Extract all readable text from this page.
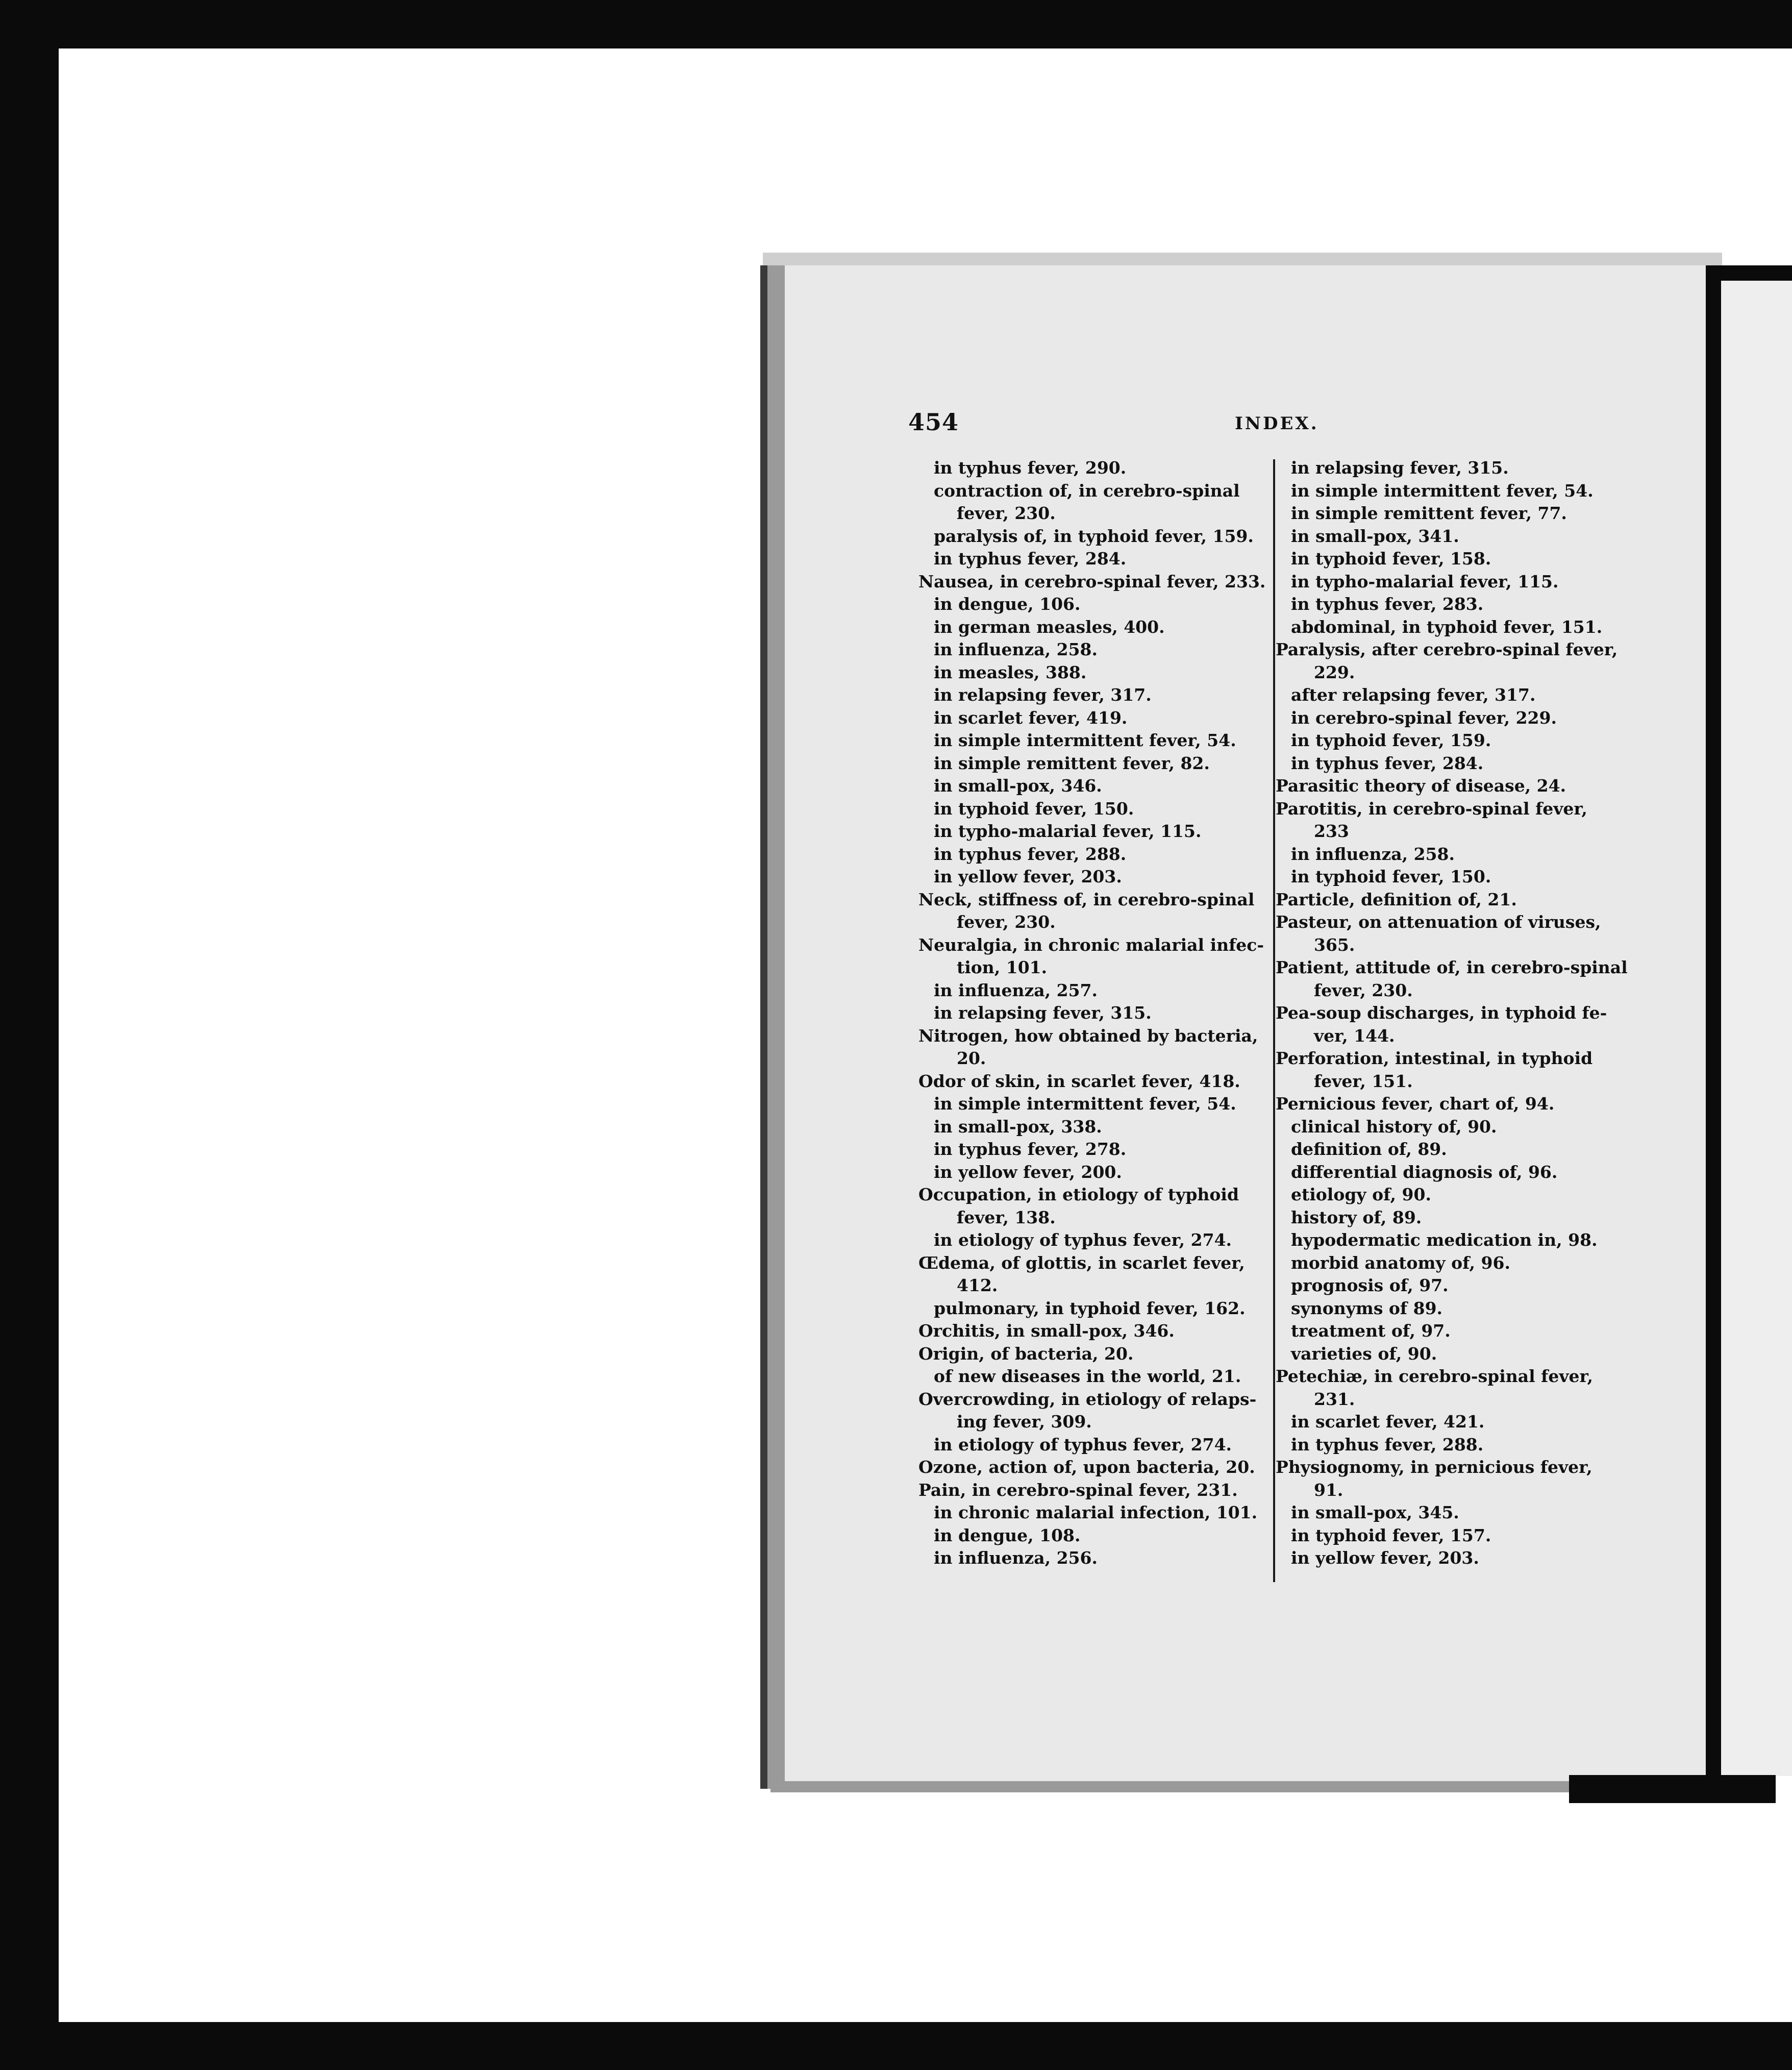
454	INDEX.
in typhus fever, 290.
contraction of, in cerebro-spinal
fever, 230.
paralysis of, in typhoid fever, 159.
in typhus fever, 284.
Nausea, in cerebro-spinal fever, 233.
in dengue, 106.
in german measles, 400.
in influenza, 258.
in measles, 388.
in relapsing fever, 317.
in scarlet fever, 419.
in simple intermittent fever, 54.
in simple remittent fever, 82.
in small-pox, 346.
in typhoid fever, 150.
in typho-malarial fever, 115.
in typhus fever, 288.
in yellow fever, 203.
Neck, stiffness of, in cerebro-spinal
fever, 230.
Neuralgia, in chronic malarial infec-
tion, 101.
in influenza, 257.
in relapsing fever, 315.
Nitrogen, how obtained by bacteria,
20.
Odor of skin, in scarlet fever, 418.
in simple intermittent fever, 54.
in small-pox, 338.
in typhus fever, 278.
in yellow fever, 200.
Occupation, in etiology of typhoid
fever, 138.
in etiology of typhus fever, 274.
Œdema, of glottis, in scarlet fever,
412.
pulmonary, in typhoid fever, 162.
Orchitis, in small-pox, 346.
Origin, of bacteria, 20.
of new diseases in the world, 21.
Overcrowding, in etiology of relaps-
ing fever, 309.
in etiology of typhus fever, 274.
Ozone, action of, upon bacteria, 20.
Pain, in cerebro-spinal fever, 231.
in chronic malarial infection, 101.
in dengue, 108.
in influenza, 256.
in relapsing fever, 315.
in simple intermittent fever, 54.
in simple remittent fever, 77.
in small-pox, 341.
in typhoid fever, 158.
in typho-malarial fever, 115.
in typhus fever, 283.
abdominal, in typhoid fever, 151.
Paralysis, after cerebro-spinal fever,
229.
after relapsing fever, 317.
in cerebro-spinal fever, 229.
in typhoid fever, 159.
in typhus fever, 284.
Parasitic theory of disease, 24.
Parotitis, in cerebro-spinal fever,
233
in influenza, 258.
in typhoid fever, 150.
Particle, definition of, 21.
Pasteur, on attenuation of viruses,
365.
Patient, attitude of, in cerebro-spinal
fever, 230.
Pea-soup discharges, in typhoid fe-
ver, 144.
Perforation, intestinal, in typhoid
fever, 151.
Pernicious fever, chart of, 94.
clinical history of, 90.
definition of, 89.
differential diagnosis of, 96.
etiology of, 90.
history of, 89.
hypodermatic medication in, 98.
morbid anatomy of, 96.
prognosis of, 97.
synonyms of 89.
treatment of, 97.
varieties of, 90.
Petechiæ, in cerebro-spinal fever,
231.
in scarlet fever, 421.
in typhus fever, 288.
Physiognomy, in pernicious fever,
91.
in small-pox, 345.
in typhoid fever, 157.
in yellow fever, 203.
